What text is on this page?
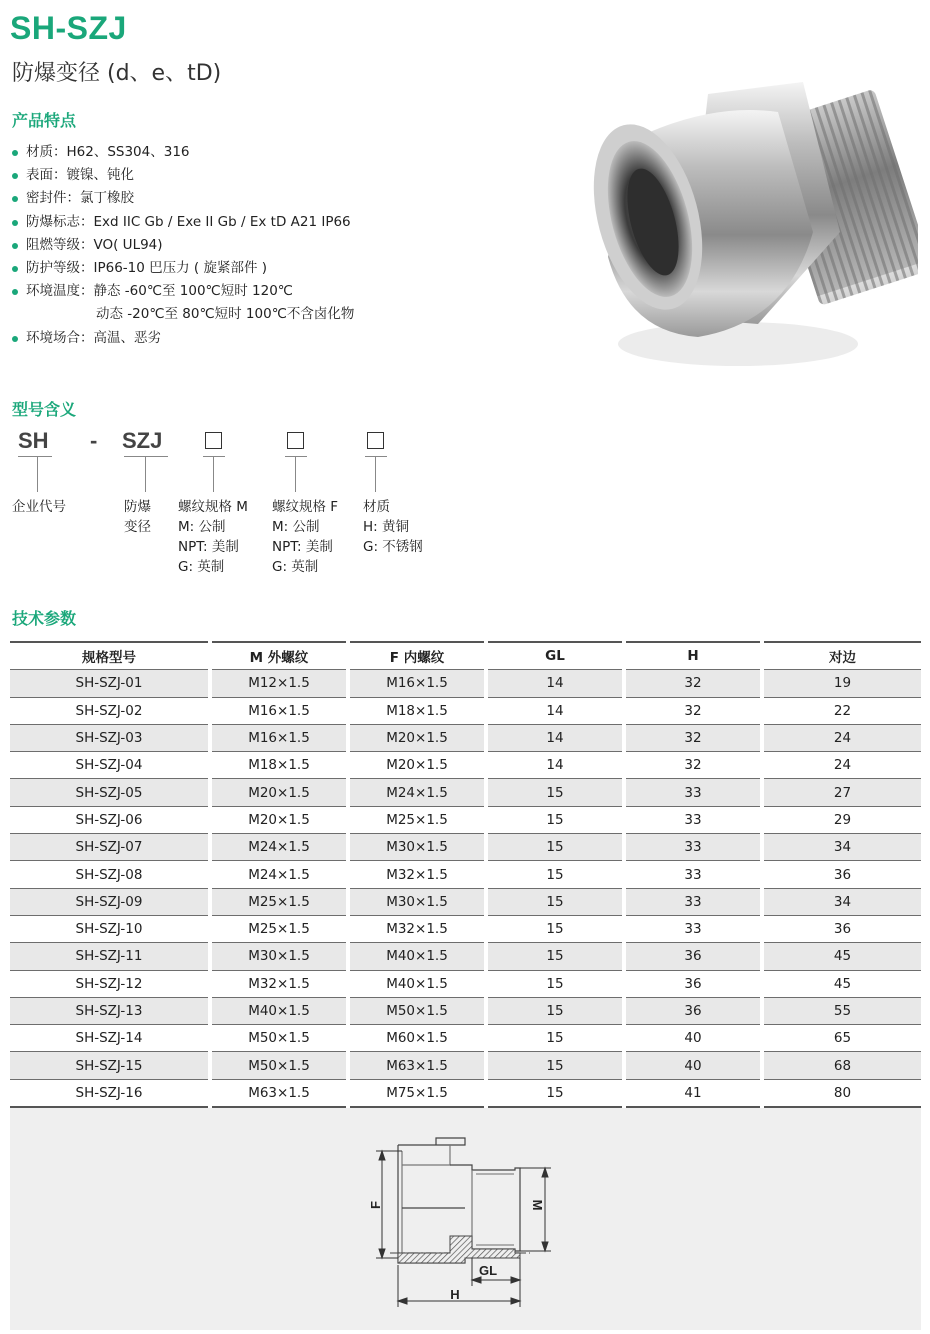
SH-SZJ
防爆变径 (d、e、tD)
产品特点
材质：H62、SS304、316
表面：镀镍、钝化
密封件：氯丁橡胶
防爆标志：Exd IIC Gb / Exe II Gb / Ex tD A21 IP66
阻燃等级：VO( UL94)
防护等级：IP66-10 巴压力 ( 旋紧部件 )
环境温度：静态 -60℃至 100℃短时 120℃
动态 -20℃至 80℃短时 100℃不含卤化物
环境场合：高温、恶劣
型号含义
SH - SZJ
企业代号	防爆
变径
螺纹规格 M
M: 公制
NPT: 美制
G: 英制
螺纹规格 F
M: 公制
NPT: 美制
G: 英制
材质
H: 黄铜
G: 不锈钢
技术参数
规格型号		M 外螺纹		F 内螺纹		GL		H		对边
SH-SZJ-01		M12×1.5		M16×1.5		14		32		19
SH-SZJ-02		M16×1.5		M18×1.5		14		32		22
SH-SZJ-03		M16×1.5		M20×1.5		14		32		24
SH-SZJ-04		M18×1.5		M20×1.5		14		32		24
SH-SZJ-05		M20×1.5		M24×1.5		15		33		27
SH-SZJ-06		M20×1.5		M25×1.5		15		33		29
SH-SZJ-07		M24×1.5		M30×1.5		15		33		34
SH-SZJ-08		M24×1.5		M32×1.5		15		33		36
SH-SZJ-09		M25×1.5		M30×1.5		15		33		34
SH-SZJ-10		M25×1.5		M32×1.5		15		33		36
SH-SZJ-11		M30×1.5		M40×1.5		15		36		45
SH-SZJ-12		M32×1.5		M40×1.5		15		36		45
SH-SZJ-13		M40×1.5		M50×1.5		15		36		55
SH-SZJ-14		M50×1.5		M60×1.5		15		40		65
SH-SZJ-15		M50×1.5		M63×1.5		15		40		68
SH-SZJ-16		M63×1.5		M75×1.5		15		41		80
F	M
GL
H
